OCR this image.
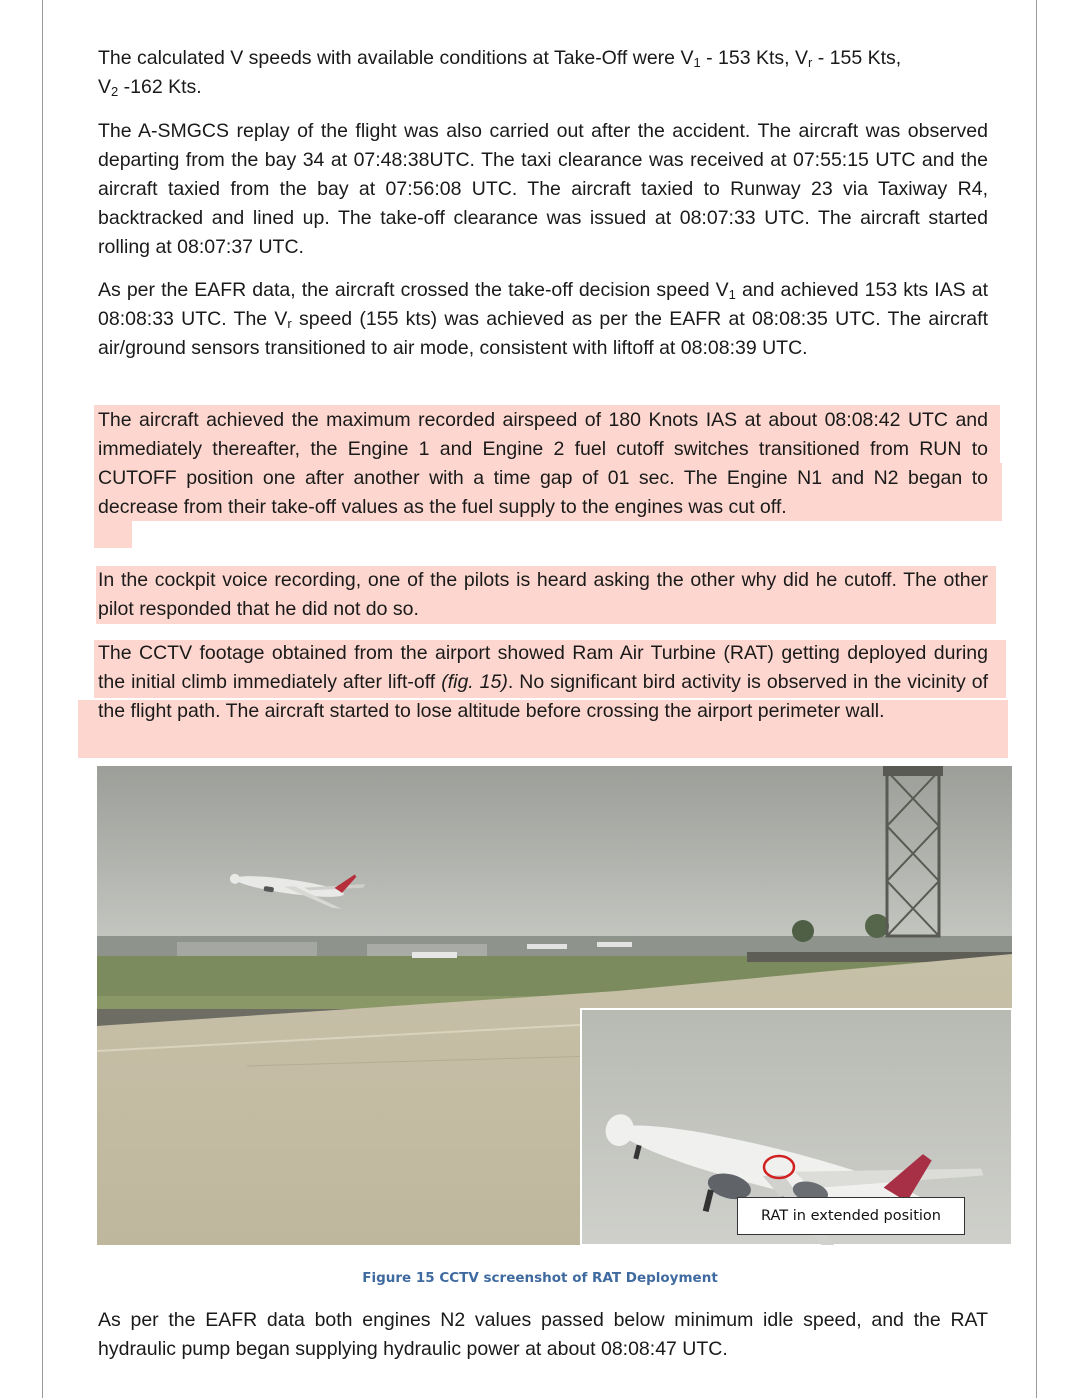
The calculated V speeds with available conditions at Take-Off were $V_1 - 153$ Kts, $V_r - 155$ Kts,
$V_2$ -162 Kts.

The A-SMGCS replay of the flight was also carried out after the accident. The aircraft was observed departing from the bay 34 at 07:48:38UTC. The taxi clearance was received at 07:55:15 UTC and the aircraft taxied from the bay at 07:56:08 UTC. The aircraft taxied to Runway 23 via Taxiway R4, backtracked and lined up. The take-off clearance was issued at 08:07:33 UTC. The aircraft started rolling at 08:07:37 UTC.

As per the EAFR data, the aircraft crossed the take-off decision speed $V_1$ and achieved 153 kts IAS at 08:08:33 UTC. The $V_r$ speed (155 kts) was achieved as per the EAFR at 08:08:35 UTC. The aircraft air/ground sensors transitioned to air mode, consistent with liftoff at 08:08:39 UTC.

The aircraft achieved the maximum recorded airspeed of 180 Knots IAS at about 08:08:42 UTC and immediately thereafter, the Engine 1 and Engine 2 fuel cutoff switches transitioned from RUN to CUTOFF position one after another with a time gap of 01 sec. The Engine N1 and N2 began to decrease from their take-off values as the fuel supply to the engines was cut off.

In the cockpit voice recording, one of the pilots is heard asking the other why did he cutoff. The other pilot responded that he did not do so.

The CCTV footage obtained from the airport showed Ram Air Turbine (RAT) getting deployed during the initial climb immediately after lift-off (fig. 15). No significant bird activity is observed in the vicinity of the flight path. The aircraft started to lose altitude before crossing the airport perimeter wall.

RAT in extended position
Figure 15 CCTV screenshot of RAT Deployment

As per the EAFR data both engines N2 values passed below minimum idle speed, and the RAT hydraulic pump began supplying hydraulic power at about 08:08:47 UTC.
